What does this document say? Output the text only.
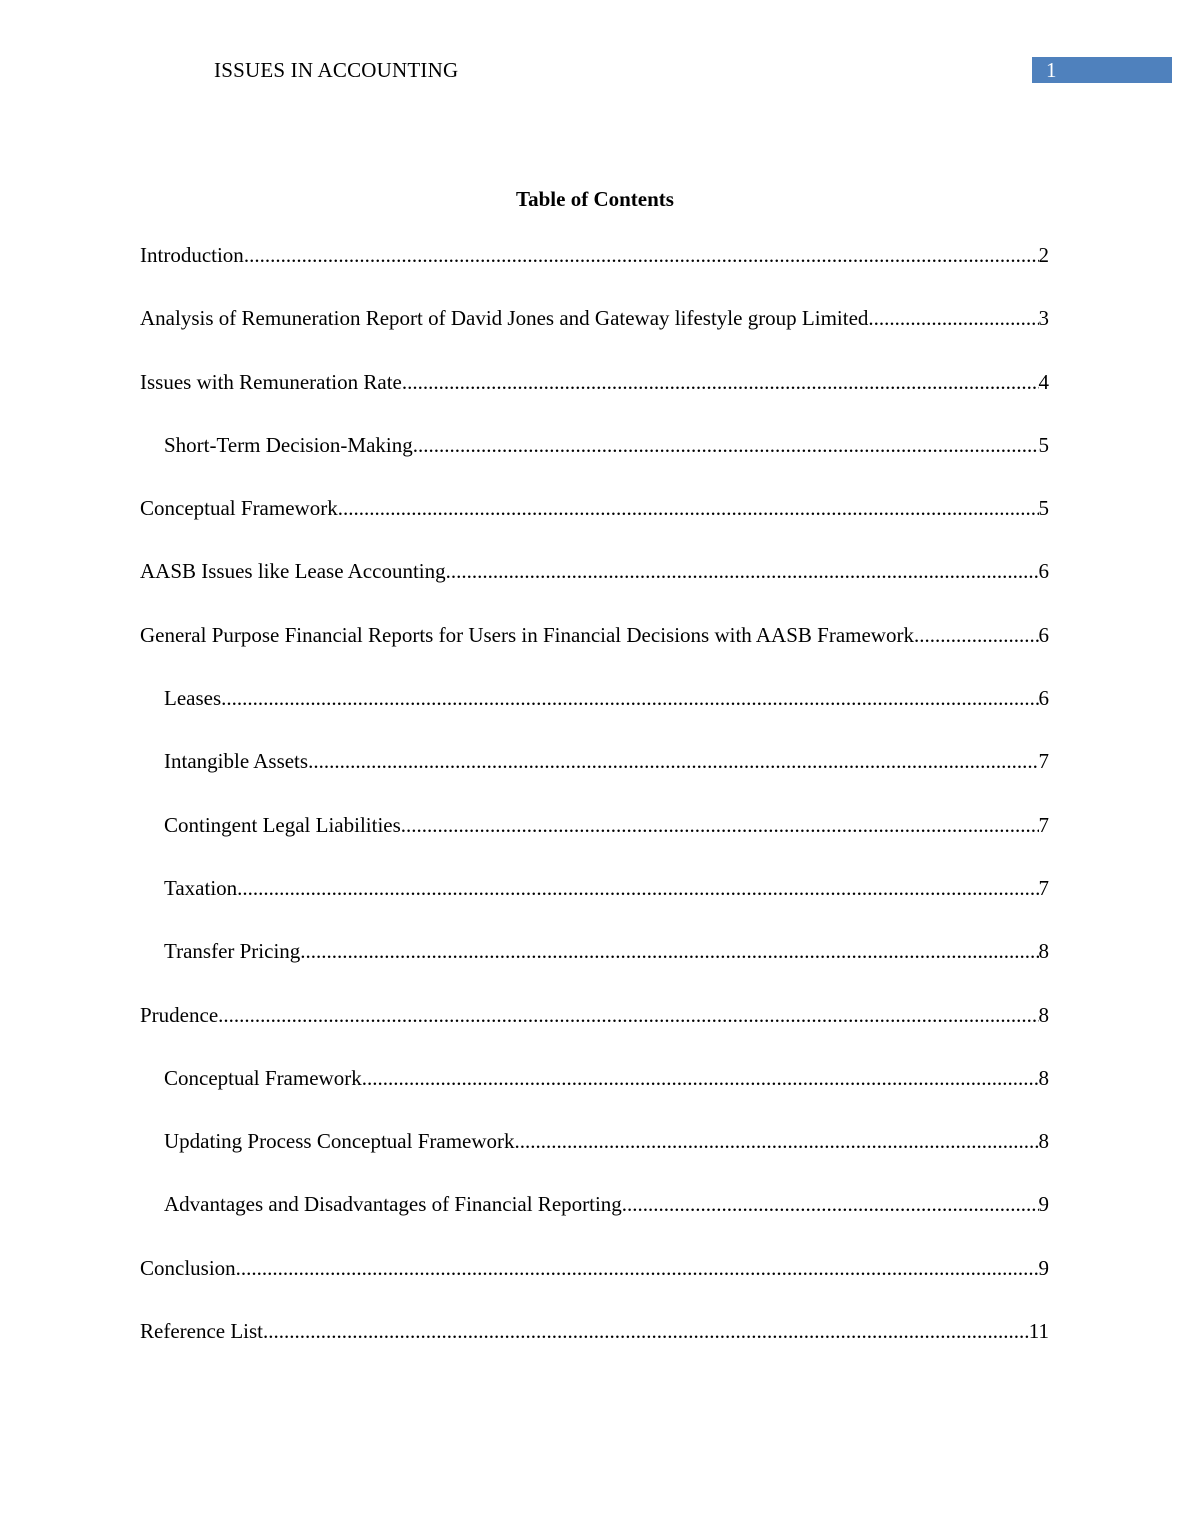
ISSUES IN ACCOUNTING	1
Table of Contents
Introduction .....	2
Analysis of Remuneration Report of David Jones and Gateway lifestyle group Limited .....	3
Issues with Remuneration Rate .....	4
Short-Term Decision-Making .....	5
Conceptual Framework .....	5
AASB Issues like Lease Accounting .....	6
General Purpose Financial Reports for Users in Financial Decisions with AASB Framework .....	6
Leases .....	6
Intangible Assets .....	7
Contingent Legal Liabilities .....	7
Taxation .....	7
Transfer Pricing .....	8
Prudence .....	8
Conceptual Framework .....	8
Updating Process Conceptual Framework .....	8
Advantages and Disadvantages of Financial Reporting .....	9
Conclusion .....	9
Reference List .....	11
